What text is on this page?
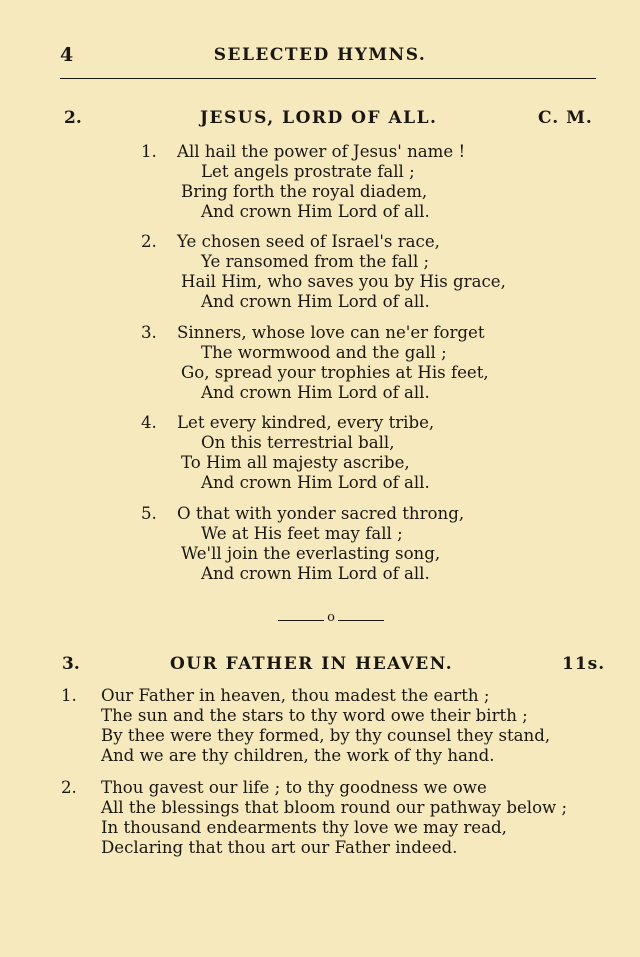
4	SELECTED HYMNS.
2.	JESUS, LORD OF ALL.	C. M.
1. All hail the power of Jesus' name !
Let angels prostrate fall ;
Bring forth the royal diadem,
And crown Him Lord of all.
2. Ye chosen seed of Israel's race,
Ye ransomed from the fall ;
Hail Him, who saves you by His grace,
And crown Him Lord of all.
3. Sinners, whose love can ne'er forget
The wormwood and the gall ;
Go, spread your trophies at His feet,
And crown Him Lord of all.
4. Let every kindred, every tribe,
On this terrestrial ball,
To Him all majesty ascribe,
And crown Him Lord of all.
5. O that with yonder sacred throng,
We at His feet may fall ;
We'll join the everlasting song,
And crown Him Lord of all.
o
3.	OUR FATHER IN HEAVEN.	11s.
1. Our Father in heaven, thou madest the earth ;
The sun and the stars to thy word owe their birth ;
By thee were they formed, by thy counsel they stand,
And we are thy children, the work of thy hand.
2. Thou gavest our life ; to thy goodness we owe
All the blessings that bloom round our pathway below ;
In thousand endearments thy love we may read,
Declaring that thou art our Father indeed.
